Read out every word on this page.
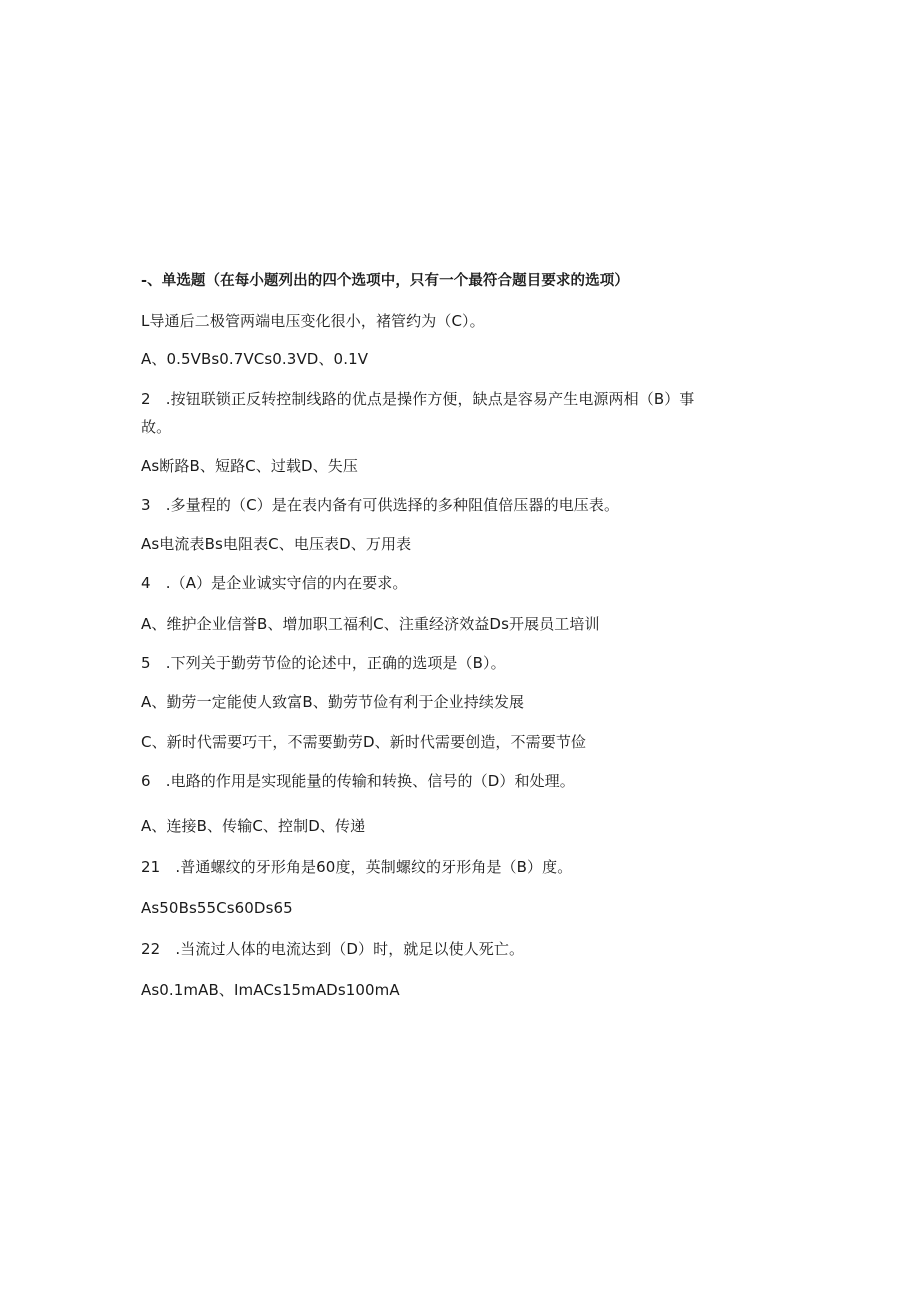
-、单选题（在每小题列出的四个选项中，只有一个最符合题目要求的选项）
L导通后二极管两端电压变化很小，褚管约为（C）。
A、0.5VBs0.7VCs0.3VD、0.1V
2 .按钮联锁正反转控制线路的优点是操作方便，缺点是容易产生电源两相（B）事故。
As断路B、短路C、过载D、失压
3 .多量程的（C）是在表内备有可供选择的多种阻值倍压器的电压表。
As电流表Bs电阻表C、电压表D、万用表
4 .（A）是企业诚实守信的内在要求。
A、维护企业信誉B、增加职工福利C、注重经济效益Ds开展员工培训
5 .下列关于勤劳节俭的论述中，正确的选项是（B）。
A、勤劳一定能使人致富B、勤劳节俭有利于企业持续发展
C、新时代需要巧干，不需要勤劳D、新时代需要创造，不需要节俭
6 .电路的作用是实现能量的传输和转换、信号的（D）和处理。
A、连接B、传输C、控制D、传递
21 .普通螺纹的牙形角是60度，英制螺纹的牙形角是（B）度。
As50Bs55Cs60Ds65
22 .当流过人体的电流达到（D）时，就足以使人死亡。
As0.1mAB、ImACs15mADs100mA
